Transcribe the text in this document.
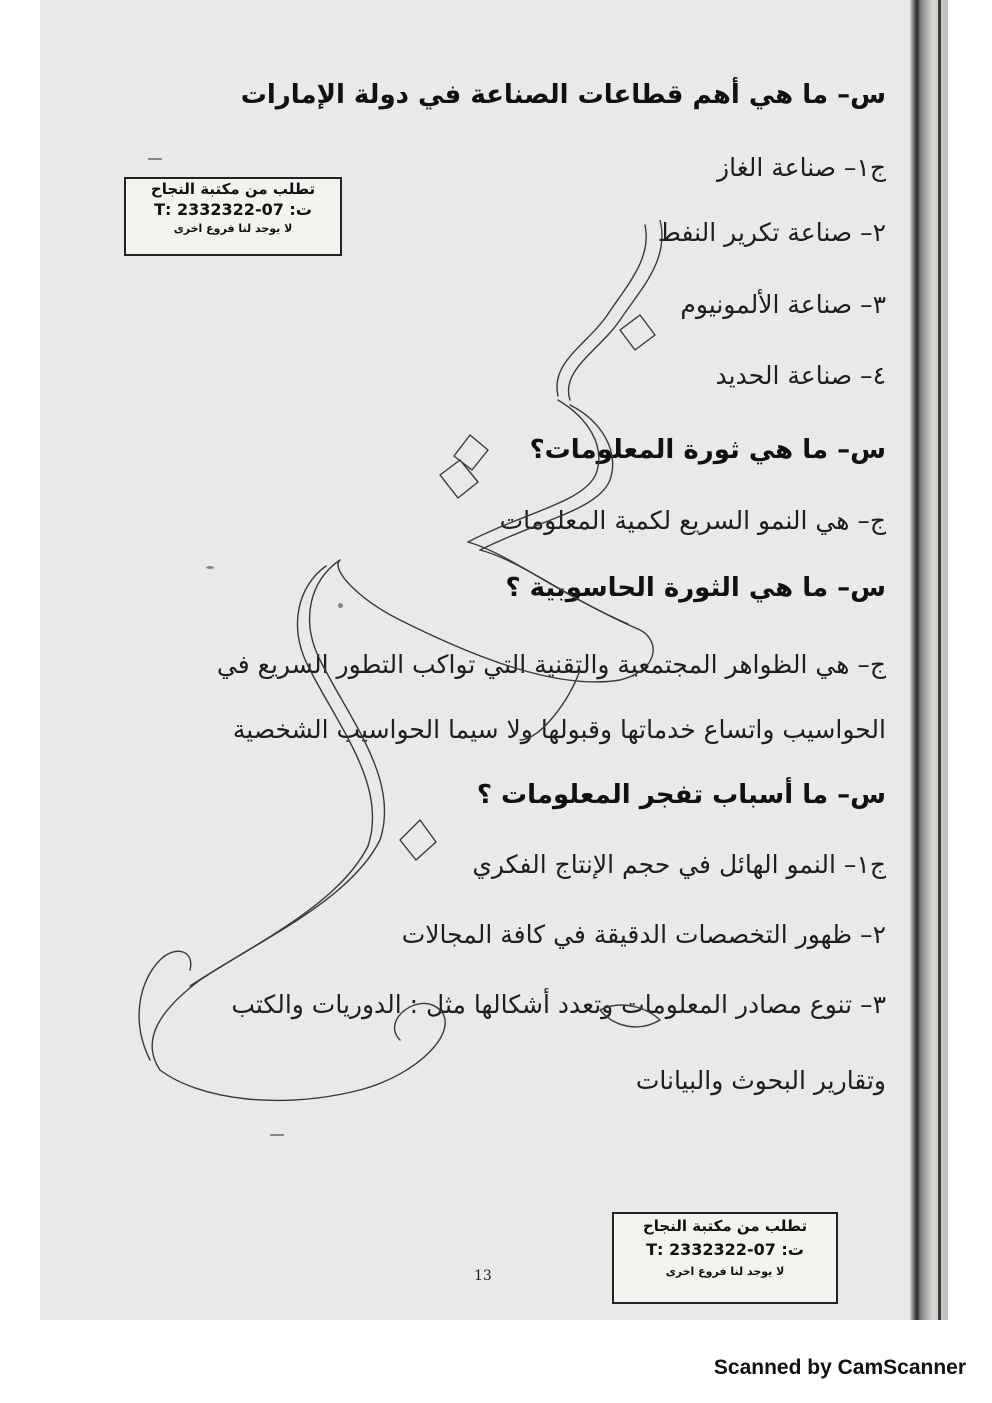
س– ما هي أهم قطاعات الصناعة في دولة الإمارات
ج١– صناعة الغاز
٢– صناعة تكرير النفط
٣– صناعة الألمونيوم
٤– صناعة الحديد
س– ما هي ثورة المعلومات؟
ج– هي النمو السريع لكمية المعلومات
س– ما هي الثورة الحاسوبية ؟
ج– هي الظواهر المجتمعية والتقنية التي تواكب التطور السريع في
الحواسيب واتساع خدماتها وقبولها ولا سيما الحواسيب الشخصية
س– ما أسباب تفجر المعلومات ؟
ج١– النمو الهائل في حجم الإنتاج الفكري
٢– ظهور التخصصات الدقيقة في كافة المجالات
٣– تنوع مصادر المعلومات وتعدد أشكالها مثل : الدوريات والكتب
وتقارير البحوث والبيانات
تطلب من مكتبة النجاح
ت: 07-2332322 :T
لا يوجد لنا فروع اخرى
تطلب من مكتبة النجاح
ت: 07-2332322 :T
لا يوجد لنا فروع اخرى
13
Scanned by CamScanner
